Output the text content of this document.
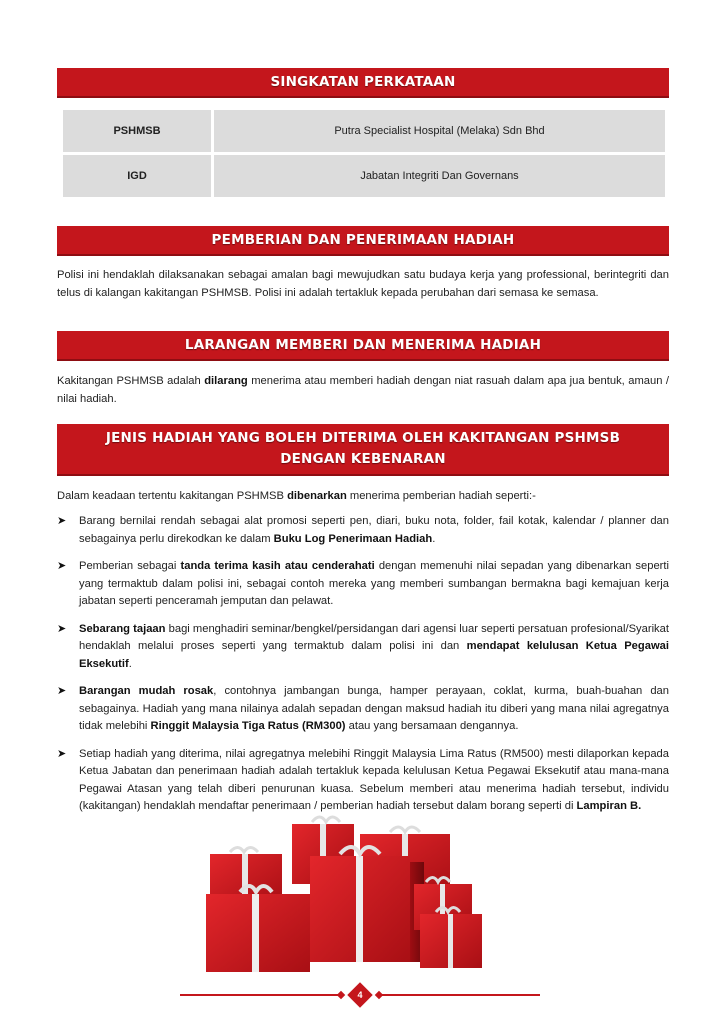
SINGKATAN PERKATAAN
PSHMSB	Putra Specialist Hospital (Melaka) Sdn Bhd
IGD	Jabatan Integriti Dan Governans
PEMBERIAN DAN PENERIMAAN HADIAH

Polisi ini hendaklah dilaksanakan sebagai amalan bagi mewujudkan satu budaya kerja yang professional, berintegriti dan telus di kalangan kakitangan PSHMSB. Polisi ini adalah tertakluk kepada perubahan dari semasa ke semasa.

LARANGAN MEMBERI DAN MENERIMA HADIAH

Kakitangan PSHMSB adalah dilarang menerima atau memberi hadiah dengan niat rasuah dalam apa jua bentuk, amaun / nilai hadiah.

JENIS HADIAH YANG BOLEH DITERIMA OLEH KAKITANGAN PSHMSB DENGAN KEBENARAN

Dalam keadaan tertentu kakitangan PSHMSB dibenarkan menerima pemberian hadiah seperti:-

➤	Barang bernilai rendah sebagai alat promosi seperti pen, diari, buku nota, folder, fail kotak, kalendar / planner dan sebagainya perlu direkodkan ke dalam Buku Log Penerimaan Hadiah.

➤	Pemberian sebagai tanda terima kasih atau cenderahati dengan memenuhi nilai sepadan yang dibenarkan seperti yang termaktub dalam polisi ini, sebagai contoh mereka yang memberi sumbangan bermakna bagi kemajuan kerja jabatan seperti penceramah jemputan dan pelawat.

➤	Sebarang tajaan bagi menghadiri seminar/bengkel/persidangan dari agensi luar seperti persatuan profesional/Syarikat hendaklah melalui proses seperti yang termaktub dalam polisi ini dan mendapat kelulusan Ketua Pegawai Eksekutif.

➤	Barangan mudah rosak, contohnya jambangan bunga, hamper perayaan, coklat, kurma, buah-buahan dan sebagainya. Hadiah yang mana nilainya adalah sepadan dengan maksud hadiah itu diberi yang mana nilai agregatnya tidak melebihi Ringgit Malaysia Tiga Ratus (RM300) atau yang bersamaan dengannya.

➤	Setiap hadiah yang diterima, nilai agregatnya melebihi Ringgit Malaysia Lima Ratus (RM500) mesti dilaporkan kepada Ketua Jabatan dan penerimaan hadiah adalah tertakluk kepada kelulusan Ketua Pegawai Eksekutif atau mana-mana Pegawai Atasan yang telah diberi penurunan kuasa. Sebelum memberi atau menerima hadiah tersebut, individu (kakitangan) hendaklah mendaftar penerimaan / pemberian hadiah tersebut dalam borang seperti di Lampiran B.

4
